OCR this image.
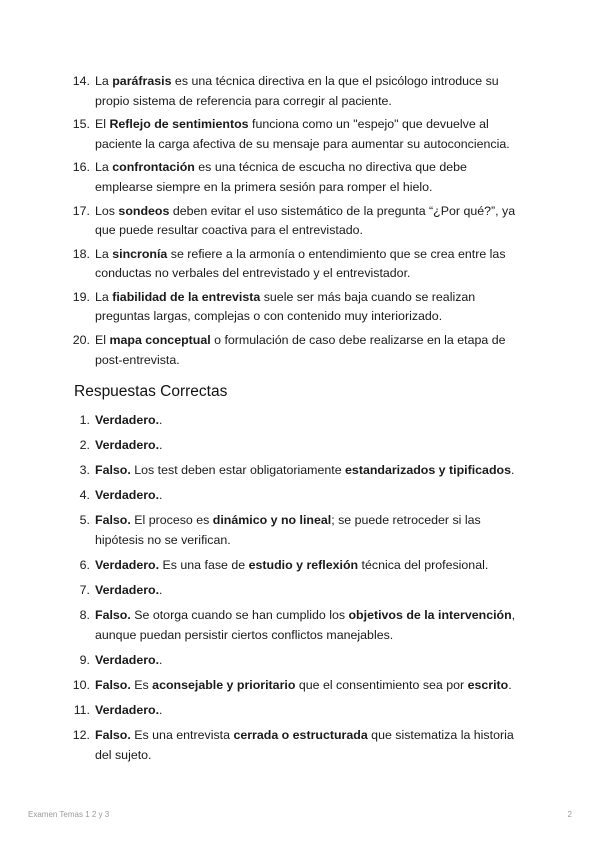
14. La paráfrasis es una técnica directiva en la que el psicólogo introduce su propio sistema de referencia para corregir al paciente.
15. El Reflejo de sentimientos funciona como un "espejo" que devuelve al paciente la carga afectiva de su mensaje para aumentar su autoconciencia.
16. La confrontación es una técnica de escucha no directiva que debe emplearse siempre en la primera sesión para romper el hielo.
17. Los sondeos deben evitar el uso sistemático de la pregunta “¿Por qué?”, ya que puede resultar coactiva para el entrevistado.
18. La sincronía se refiere a la armonía o entendimiento que se crea entre las conductas no verbales del entrevistado y el entrevistador.
19. La fiabilidad de la entrevista suele ser más baja cuando se realizan preguntas largas, complejas o con contenido muy interiorizado.
20. El mapa conceptual o formulación de caso debe realizarse en la etapa de post-entrevista.
Respuestas Correctas
1. Verdadero..
2. Verdadero..
3. Falso. Los test deben estar obligatoriamente estandarizados y tipificados.
4. Verdadero..
5. Falso. El proceso es dinámico y no lineal; se puede retroceder si las hipótesis no se verifican.
6. Verdadero. Es una fase de estudio y reflexión técnica del profesional.
7. Verdadero..
8. Falso. Se otorga cuando se han cumplido los objetivos de la intervención, aunque puedan persistir ciertos conflictos manejables.
9. Verdadero..
10. Falso. Es aconsejable y prioritario que el consentimiento sea por escrito.
11. Verdadero..
12. Falso. Es una entrevista cerrada o estructurada que sistematiza la historia del sujeto.
Examen Temas 1 2 y 3	2
